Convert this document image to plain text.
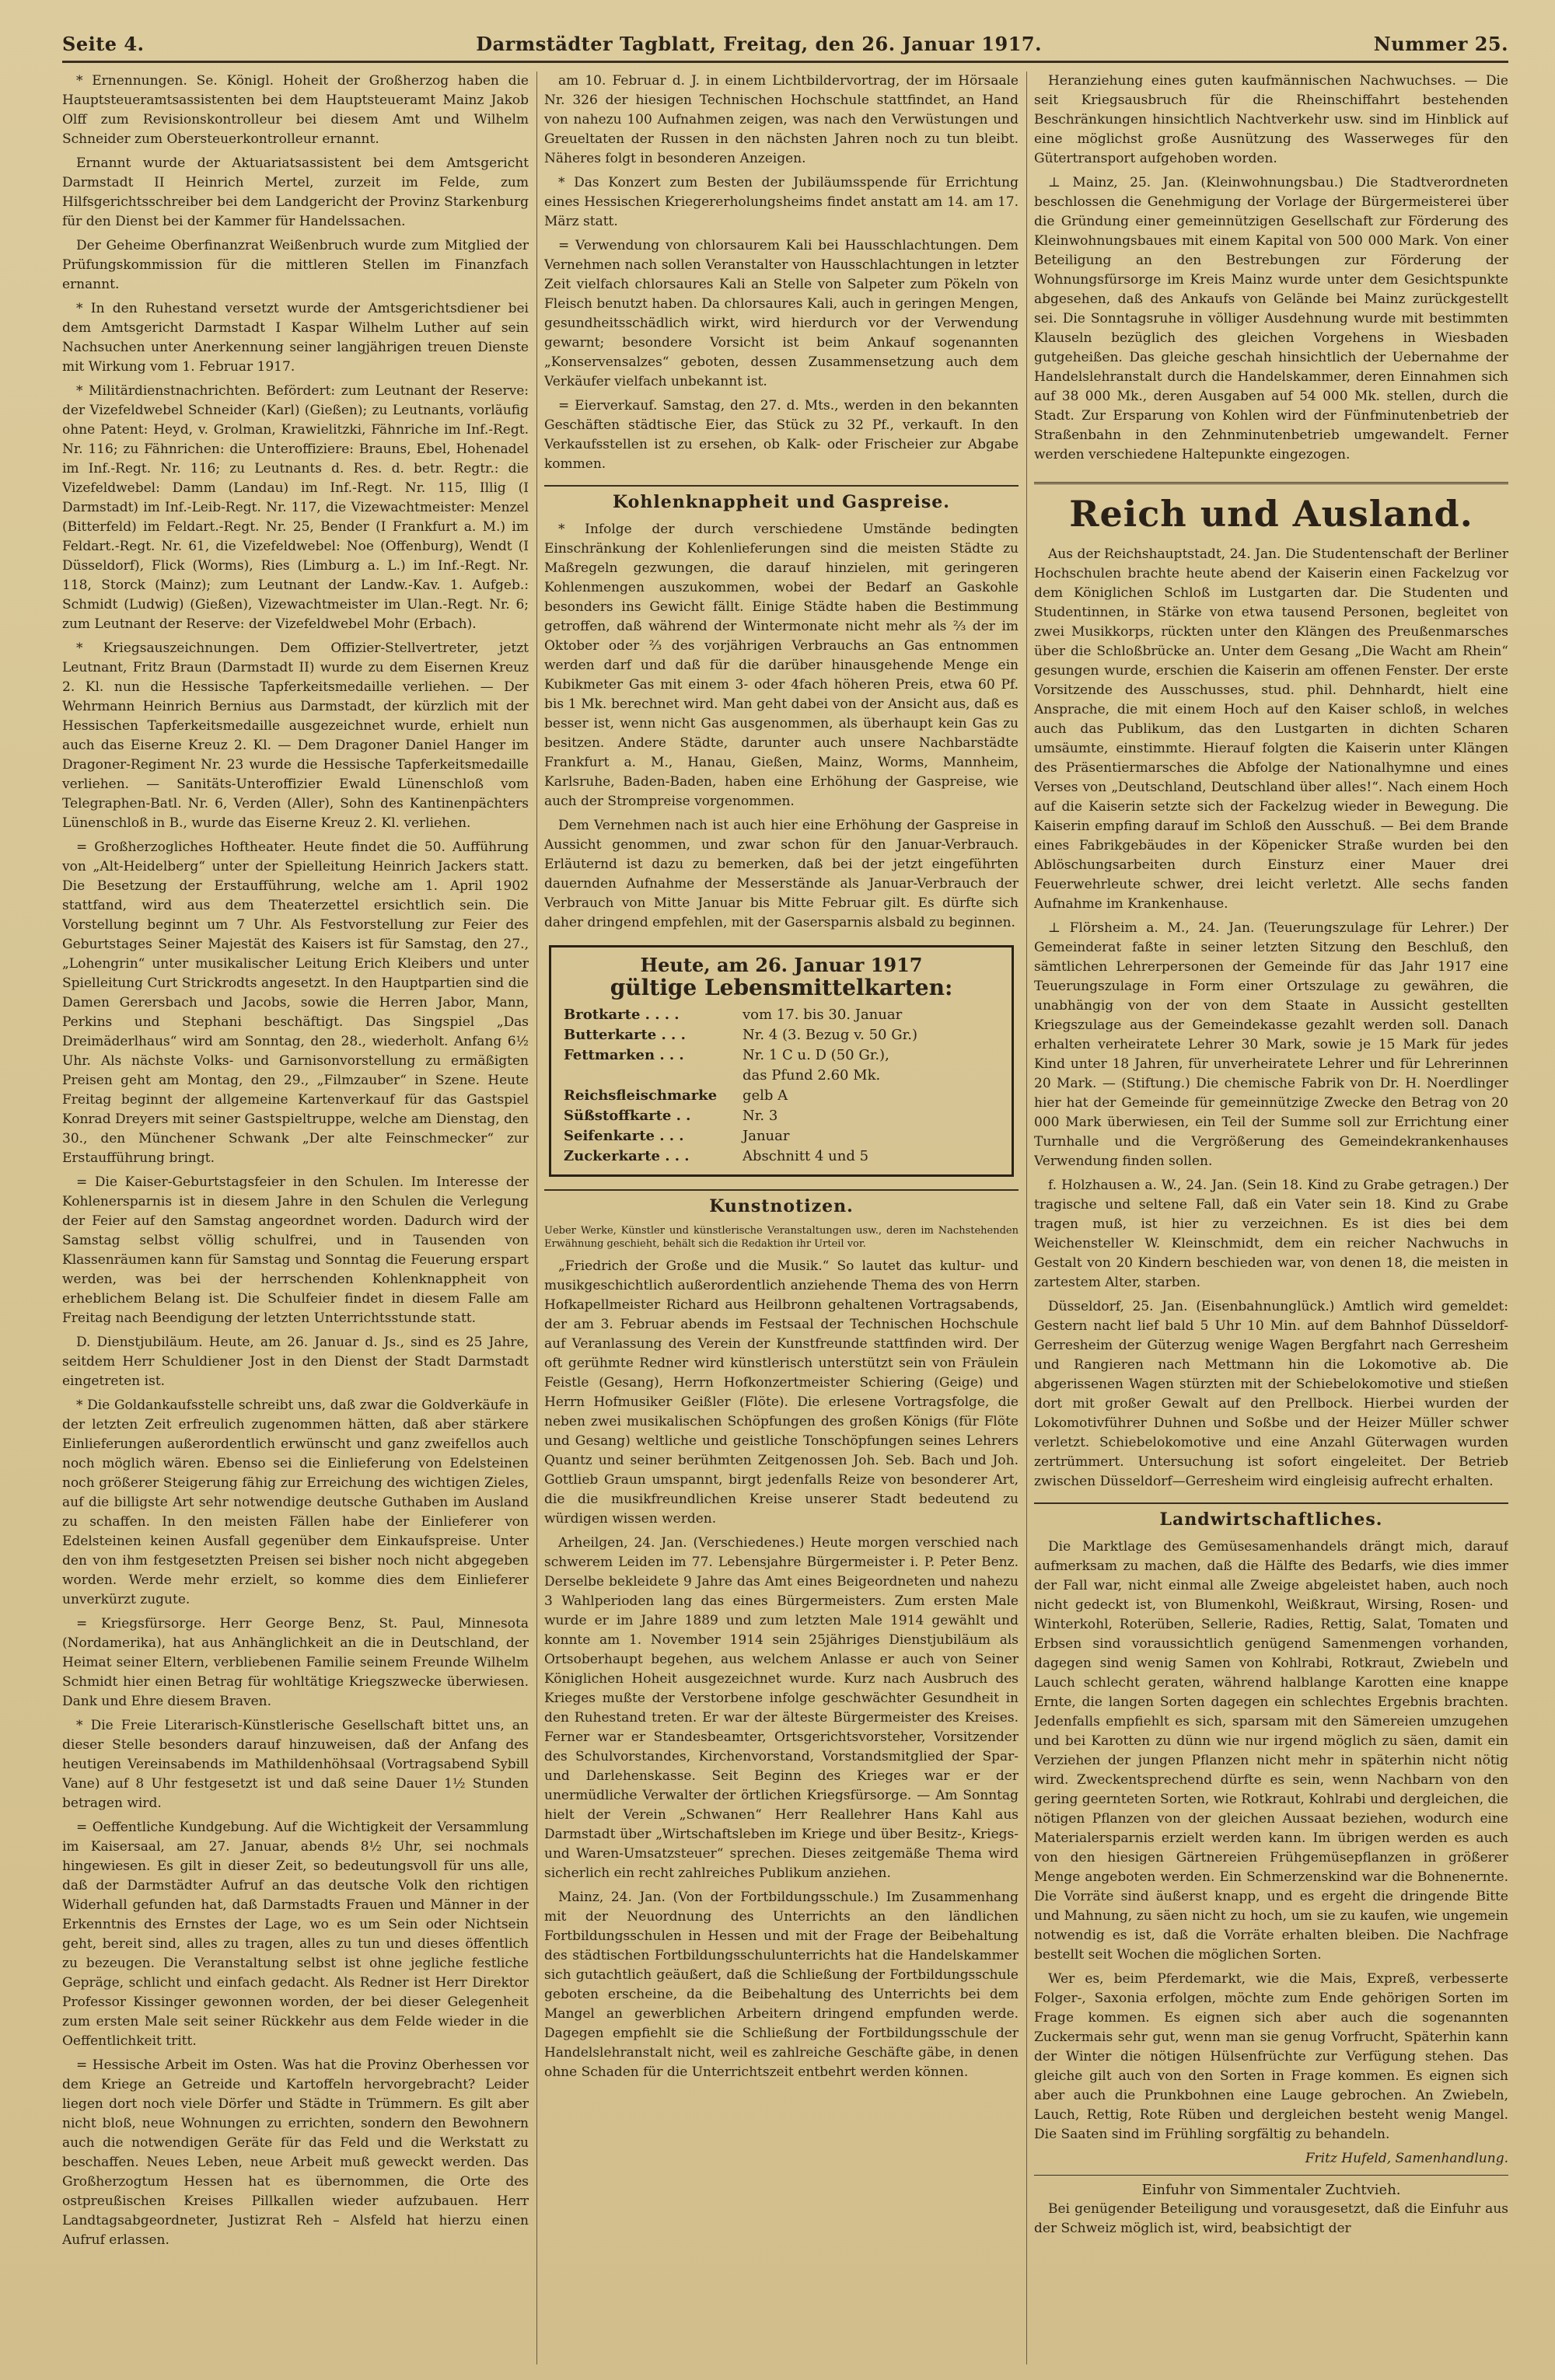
Seite 4.	Darmstädter Tagblatt, Freitag, den 26. Januar 1917.	Nummer 25.

* Ernennungen. Se. Königl. Hoheit der Großherzog haben die Hauptsteueramtsassistenten bei dem Hauptsteueramt Mainz Jakob Olff zum Revisionskontrolleur bei diesem Amt und Wilhelm Schneider zum Obersteuerkontrolleur ernannt.

Ernannt wurde der Aktuariatsassistent bei dem Amtsgericht Darmstadt II Heinrich Mertel, zurzeit im Felde, zum Hilfsgerichtsschreiber bei dem Landgericht der Provinz Starkenburg für den Dienst bei der Kammer für Handelssachen.

Der Geheime Oberfinanzrat Weißenbruch wurde zum Mitglied der Prüfungskommission für die mittleren Stellen im Finanzfach ernannt.

* In den Ruhestand versetzt wurde der Amtsgerichtsdiener bei dem Amtsgericht Darmstadt I Kaspar Wilhelm Luther auf sein Nachsuchen unter Anerkennung seiner langjährigen treuen Dienste mit Wirkung vom 1. Februar 1917.

* Militärdienstnachrichten. Befördert: zum Leutnant der Reserve: der Vizefeldwebel Schneider (Karl) (Gießen); zu Leutnants, vorläufig ohne Patent: Heyd, v. Grolman, Krawielitzki, Fähnriche im Inf.-Regt. Nr. 116; zu Fähnrichen: die Unteroffiziere: Brauns, Ebel, Hohenadel im Inf.-Regt. Nr. 116; zu Leutnants d. Res. d. betr. Regtr.: die Vizefeldwebel: Damm (Landau) im Inf.-Regt. Nr. 115, Illig (I Darmstadt) im Inf.-Leib-Regt. Nr. 117, die Vizewachtmeister: Menzel (Bitterfeld) im Feldart.-Regt. Nr. 25, Bender (I Frankfurt a. M.) im Feldart.-Regt. Nr. 61, die Vizefeldwebel: Noe (Offenburg), Wendt (I Düsseldorf), Flick (Worms), Ries (Limburg a. L.) im Inf.-Regt. Nr. 118, Storck (Mainz); zum Leutnant der Landw.-Kav. 1. Aufgeb.: Schmidt (Ludwig) (Gießen), Vizewachtmeister im Ulan.-Regt. Nr. 6; zum Leutnant der Reserve: der Vizefeldwebel Mohr (Erbach).

* Kriegsauszeichnungen. Dem Offizier-Stellvertreter, jetzt Leutnant, Fritz Braun (Darmstadt II) wurde zu dem Eisernen Kreuz 2. Kl. nun die Hessische Tapferkeitsmedaille verliehen. — Der Wehrmann Heinrich Bernius aus Darmstadt, der kürzlich mit der Hessischen Tapferkeitsmedaille ausgezeichnet wurde, erhielt nun auch das Eiserne Kreuz 2. Kl. — Dem Dragoner Daniel Hanger im Dragoner-Regiment Nr. 23 wurde die Hessische Tapferkeitsmedaille verliehen. — Sanitäts-Unteroffizier Ewald Lünenschloß vom Telegraphen-Batl. Nr. 6, Verden (Aller), Sohn des Kantinenpächters Lünenschloß in B., wurde das Eiserne Kreuz 2. Kl. verliehen.

= Großherzogliches Hoftheater. Heute findet die 50. Aufführung von „Alt-Heidelberg“ unter der Spielleitung Heinrich Jackers statt. Die Besetzung der Erstaufführung, welche am 1. April 1902 stattfand, wird aus dem Theaterzettel ersichtlich sein. Die Vorstellung beginnt um 7 Uhr. Als Festvorstellung zur Feier des Geburtstages Seiner Majestät des Kaisers ist für Samstag, den 27., „Lohengrin“ unter musikalischer Leitung Erich Kleibers und unter Spielleitung Curt Strickrodts angesetzt. In den Hauptpartien sind die Damen Gerersbach und Jacobs, sowie die Herren Jabor, Mann, Perkins und Stephani beschäftigt. Das Singspiel „Das Dreimäderlhaus“ wird am Sonntag, den 28., wiederholt. Anfang 6½ Uhr. Als nächste Volks- und Garnisonvorstellung zu ermäßigten Preisen geht am Montag, den 29., „Filmzauber“ in Szene. Heute Freitag beginnt der allgemeine Kartenverkauf für das Gastspiel Konrad Dreyers mit seiner Gastspieltruppe, welche am Dienstag, den 30., den Münchener Schwank „Der alte Feinschmecker“ zur Erstaufführung bringt.

= Die Kaiser-Geburtstagsfeier in den Schulen. Im Interesse der Kohlenersparnis ist in diesem Jahre in den Schulen die Verlegung der Feier auf den Samstag angeordnet worden. Dadurch wird der Samstag selbst völlig schulfrei, und in Tausenden von Klassenräumen kann für Samstag und Sonntag die Feuerung erspart werden, was bei der herrschenden Kohlenknappheit von erheblichem Belang ist. Die Schulfeier findet in diesem Falle am Freitag nach Beendigung der letzten Unterrichtsstunde statt.

D. Dienstjubiläum. Heute, am 26. Januar d. Js., sind es 25 Jahre, seitdem Herr Schuldiener Jost in den Dienst der Stadt Darmstadt eingetreten ist.

* Die Goldankaufsstelle schreibt uns, daß zwar die Goldverkäufe in der letzten Zeit erfreulich zugenommen hätten, daß aber stärkere Einlieferungen außerordentlich erwünscht und ganz zweifellos auch noch möglich wären. Ebenso sei die Einlieferung von Edelsteinen noch größerer Steigerung fähig zur Erreichung des wichtigen Zieles, auf die billigste Art sehr notwendige deutsche Guthaben im Ausland zu schaffen. In den meisten Fällen habe der Einlieferer von Edelsteinen keinen Ausfall gegenüber dem Einkaufspreise. Unter den von ihm festgesetzten Preisen sei bisher noch nicht abgegeben worden. Werde mehr erzielt, so komme dies dem Einlieferer unverkürzt zugute.

= Kriegsfürsorge. Herr George Benz, St. Paul, Minnesota (Nordamerika), hat aus Anhänglichkeit an die in Deutschland, der Heimat seiner Eltern, verbliebenen Familie seinem Freunde Wilhelm Schmidt hier einen Betrag für wohltätige Kriegszwecke überwiesen. Dank und Ehre diesem Braven.

* Die Freie Literarisch-Künstlerische Gesellschaft bittet uns, an dieser Stelle besonders darauf hinzuweisen, daß der Anfang des heutigen Vereinsabends im Mathildenhöhsaal (Vortragsabend Sybill Vane) auf 8 Uhr festgesetzt ist und daß seine Dauer 1½ Stunden betragen wird.

= Oeffentliche Kundgebung. Auf die Wichtigkeit der Versammlung im Kaisersaal, am 27. Januar, abends 8½ Uhr, sei nochmals hingewiesen. Es gilt in dieser Zeit, so bedeutungsvoll für uns alle, daß der Darmstädter Aufruf an das deutsche Volk den richtigen Widerhall gefunden hat, daß Darmstadts Frauen und Männer in der Erkenntnis des Ernstes der Lage, wo es um Sein oder Nichtsein geht, bereit sind, alles zu tragen, alles zu tun und dieses öffentlich zu bezeugen. Die Veranstaltung selbst ist ohne jegliche festliche Gepräge, schlicht und einfach gedacht. Als Redner ist Herr Direktor Professor Kissinger gewonnen worden, der bei dieser Gelegenheit zum ersten Male seit seiner Rückkehr aus dem Felde wieder in die Oeffentlichkeit tritt.

= Hessische Arbeit im Osten. Was hat die Provinz Oberhessen vor dem Kriege an Getreide und Kartoffeln hervorgebracht? Leider liegen dort noch viele Dörfer und Städte in Trümmern. Es gilt aber nicht bloß, neue Wohnungen zu errichten, sondern den Bewohnern auch die notwendigen Geräte für das Feld und die Werkstatt zu beschaffen. Neues Leben, neue Arbeit muß geweckt werden. Das Großherzogtum Hessen hat es übernommen, die Orte des ostpreußischen Kreises Pillkallen wieder aufzubauen. Herr Landtagsabgeordneter, Justizrat Reh – Alsfeld hat hierzu einen Aufruf erlassen.

am 10. Februar d. J. in einem Lichtbildervortrag, der im Hörsaale Nr. 326 der hiesigen Technischen Hochschule stattfindet, an Hand von nahezu 100 Aufnahmen zeigen, was nach den Verwüstungen und Greueltaten der Russen in den nächsten Jahren noch zu tun bleibt. Näheres folgt in besonderen Anzeigen.

* Das Konzert zum Besten der Jubiläumsspende für Errichtung eines Hessischen Kriegererholungsheims findet anstatt am 14. am 17. März statt.

= Verwendung von chlorsaurem Kali bei Hausschlachtungen. Dem Vernehmen nach sollen Veranstalter von Hausschlachtungen in letzter Zeit vielfach chlorsaures Kali an Stelle von Salpeter zum Pökeln von Fleisch benutzt haben. Da chlorsaures Kali, auch in geringen Mengen, gesundheitsschädlich wirkt, wird hierdurch vor der Verwendung gewarnt; besondere Vorsicht ist beim Ankauf sogenannten „Konservensalzes“ geboten, dessen Zusammensetzung auch dem Verkäufer vielfach unbekannt ist.

= Eierverkauf. Samstag, den 27. d. Mts., werden in den bekannten Geschäften städtische Eier, das Stück zu 32 Pf., verkauft. In den Verkaufsstellen ist zu ersehen, ob Kalk- oder Frischeier zur Abgabe kommen.

Kohlenknappheit und Gaspreise.

* Infolge der durch verschiedene Umstände bedingten Einschränkung der Kohlenlieferungen sind die meisten Städte zu Maßregeln gezwungen, die darauf hinzielen, mit geringeren Kohlenmengen auszukommen, wobei der Bedarf an Gaskohle besonders ins Gewicht fällt. Einige Städte haben die Bestimmung getroffen, daß während der Wintermonate nicht mehr als ⅔ der im Oktober oder ⅔ des vorjährigen Verbrauchs an Gas entnommen werden darf und daß für die darüber hinausgehende Menge ein Kubikmeter Gas mit einem 3- oder 4fach höheren Preis, etwa 60 Pf. bis 1 Mk. berechnet wird. Man geht dabei von der Ansicht aus, daß es besser ist, wenn nicht Gas ausgenommen, als überhaupt kein Gas zu besitzen. Andere Städte, darunter auch unsere Nachbarstädte Frankfurt a. M., Hanau, Gießen, Mainz, Worms, Mannheim, Karlsruhe, Baden-Baden, haben eine Erhöhung der Gaspreise, wie auch der Strompreise vorgenommen.

Dem Vernehmen nach ist auch hier eine Erhöhung der Gaspreise in Aussicht genommen, und zwar schon für den Januar-Verbrauch. Erläuternd ist dazu zu bemerken, daß bei der jetzt eingeführten dauernden Aufnahme der Messerstände als Januar-Verbrauch der Verbrauch von Mitte Januar bis Mitte Februar gilt. Es dürfte sich daher dringend empfehlen, mit der Gasersparnis alsbald zu beginnen.

Heute, am 26. Januar 1917
gültige Lebensmittelkarten:
Brotkarte . . . .	vom 17. bis 30. Januar
Butterkarte . . .	Nr. 4 (3. Bezug v. 50 Gr.)
Fettmarken . . .	Nr. 1 C u. D (50 Gr.),
das Pfund 2.60 Mk.
Reichsfleischmarke	gelb A
Süßstoffkarte . .	Nr. 3
Seifenkarte . . .	Januar
Zuckerkarte . . .	Abschnitt 4 und 5
Kunstnotizen.

Ueber Werke, Künstler und künstlerische Veranstaltungen usw., deren im Nachstehenden Erwähnung geschieht, behält sich die Redaktion ihr Urteil vor.

„Friedrich der Große und die Musik.“ So lautet das kultur- und musikgeschichtlich außerordentlich anziehende Thema des von Herrn Hofkapellmeister Richard aus Heilbronn gehaltenen Vortragsabends, der am 3. Februar abends im Festsaal der Technischen Hochschule auf Veranlassung des Verein der Kunstfreunde stattfinden wird. Der oft gerühmte Redner wird künstlerisch unterstützt sein von Fräulein Feistle (Gesang), Herrn Hofkonzertmeister Schiering (Geige) und Herrn Hofmusiker Geißler (Flöte). Die erlesene Vortragsfolge, die neben zwei musikalischen Schöpfungen des großen Königs (für Flöte und Gesang) weltliche und geistliche Tonschöpfungen seines Lehrers Quantz und seiner berühmten Zeitgenossen Joh. Seb. Bach und Joh. Gottlieb Graun umspannt, birgt jedenfalls Reize von besonderer Art, die die musikfreundlichen Kreise unserer Stadt bedeutend zu würdigen wissen werden.

Arheilgen, 24. Jan. (Verschiedenes.) Heute morgen verschied nach schwerem Leiden im 77. Lebensjahre Bürgermeister i. P. Peter Benz. Derselbe bekleidete 9 Jahre das Amt eines Beigeordneten und nahezu 3 Wahlperioden lang das eines Bürgermeisters. Zum ersten Male wurde er im Jahre 1889 und zum letzten Male 1914 gewählt und konnte am 1. November 1914 sein 25jähriges Dienstjubiläum als Ortsoberhaupt begehen, aus welchem Anlasse er auch von Seiner Königlichen Hoheit ausgezeichnet wurde. Kurz nach Ausbruch des Krieges mußte der Verstorbene infolge geschwächter Gesundheit in den Ruhestand treten. Er war der älteste Bürgermeister des Kreises. Ferner war er Standesbeamter, Ortsgerichtsvorsteher, Vorsitzender des Schulvorstandes, Kirchenvorstand, Vorstandsmitglied der Spar- und Darlehenskasse. Seit Beginn des Krieges war er der unermüdliche Verwalter der örtlichen Kriegsfürsorge. — Am Sonntag hielt der Verein „Schwanen“ Herr Reallehrer Hans Kahl aus Darmstadt über „Wirtschaftsleben im Kriege und über Besitz-, Kriegs- und Waren-Umsatzsteuer“ sprechen. Dieses zeitgemäße Thema wird sicherlich ein recht zahlreiches Publikum anziehen.

Mainz, 24. Jan. (Von der Fortbildungsschule.) Im Zusammenhang mit der Neuordnung des Unterrichts an den ländlichen Fortbildungsschulen in Hessen und mit der Frage der Beibehaltung des städtischen Fortbildungsschulunterrichts hat die Handelskammer sich gutachtlich geäußert, daß die Schließung der Fortbildungsschule geboten erscheine, da die Beibehaltung des Unterrichts bei dem Mangel an gewerblichen Arbeitern dringend empfunden werde. Dagegen empfiehlt sie die Schließung der Fortbildungsschule der Handelslehranstalt nicht, weil es zahlreiche Geschäfte gäbe, in denen ohne Schaden für die Unterrichtszeit entbehrt werden können.

Heranziehung eines guten kaufmännischen Nachwuchses. — Die seit Kriegsausbruch für die Rheinschiffahrt bestehenden Beschränkungen hinsichtlich Nachtverkehr usw. sind im Hinblick auf eine möglichst große Ausnützung des Wasserweges für den Gütertransport aufgehoben worden.

⊥ Mainz, 25. Jan. (Kleinwohnungsbau.) Die Stadtverordneten beschlossen die Genehmigung der Vorlage der Bürgermeisterei über die Gründung einer gemeinnützigen Gesellschaft zur Förderung des Kleinwohnungsbaues mit einem Kapital von 500 000 Mark. Von einer Beteiligung an den Bestrebungen zur Förderung der Wohnungsfürsorge im Kreis Mainz wurde unter dem Gesichtspunkte abgesehen, daß des Ankaufs von Gelände bei Mainz zurückgestellt sei. Die Sonntagsruhe in völliger Ausdehnung wurde mit bestimmten Klauseln bezüglich des gleichen Vorgehens in Wiesbaden gutgeheißen. Das gleiche geschah hinsichtlich der Uebernahme der Handelslehranstalt durch die Handelskammer, deren Einnahmen sich auf 38 000 Mk., deren Ausgaben auf 54 000 Mk. stellen, durch die Stadt. Zur Ersparung von Kohlen wird der Fünfminutenbetrieb der Straßenbahn in den Zehnminutenbetrieb umgewandelt. Ferner werden verschiedene Haltepunkte eingezogen.

Reich und Ausland.

Aus der Reichshauptstadt, 24. Jan. Die Studentenschaft der Berliner Hochschulen brachte heute abend der Kaiserin einen Fackelzug vor dem Königlichen Schloß im Lustgarten dar. Die Studenten und Studentinnen, in Stärke von etwa tausend Personen, begleitet von zwei Musikkorps, rückten unter den Klängen des Preußenmarsches über die Schloßbrücke an. Unter dem Gesang „Die Wacht am Rhein“ gesungen wurde, erschien die Kaiserin am offenen Fenster. Der erste Vorsitzende des Ausschusses, stud. phil. Dehnhardt, hielt eine Ansprache, die mit einem Hoch auf den Kaiser schloß, in welches auch das Publikum, das den Lustgarten in dichten Scharen umsäumte, einstimmte. Hierauf folgten die Kaiserin unter Klängen des Präsentiermarsches die Abfolge der Nationalhymne und eines Verses von „Deutschland, Deutschland über alles!“. Nach einem Hoch auf die Kaiserin setzte sich der Fackelzug wieder in Bewegung. Die Kaiserin empfing darauf im Schloß den Ausschuß. — Bei dem Brande eines Fabrikgebäudes in der Köpenicker Straße wurden bei den Ablöschungsarbeiten durch Einsturz einer Mauer drei Feuerwehrleute schwer, drei leicht verletzt. Alle sechs fanden Aufnahme im Krankenhause.

⊥ Flörsheim a. M., 24. Jan. (Teuerungszulage für Lehrer.) Der Gemeinderat faßte in seiner letzten Sitzung den Beschluß, den sämtlichen Lehrerpersonen der Gemeinde für das Jahr 1917 eine Teuerungszulage in Form einer Ortszulage zu gewähren, die unabhängig von der von dem Staate in Aussicht gestellten Kriegszulage aus der Gemeindekasse gezahlt werden soll. Danach erhalten verheiratete Lehrer 30 Mark, sowie je 15 Mark für jedes Kind unter 18 Jahren, für unverheiratete Lehrer und für Lehrerinnen 20 Mark. — (Stiftung.) Die chemische Fabrik von Dr. H. Noerdlinger hier hat der Gemeinde für gemeinnützige Zwecke den Betrag von 20 000 Mark überwiesen, ein Teil der Summe soll zur Errichtung einer Turnhalle und die Vergrößerung des Gemeindekrankenhauses Verwendung finden sollen.

f. Holzhausen a. W., 24. Jan. (Sein 18. Kind zu Grabe getragen.) Der tragische und seltene Fall, daß ein Vater sein 18. Kind zu Grabe tragen muß, ist hier zu verzeichnen. Es ist dies bei dem Weichensteller W. Kleinschmidt, dem ein reicher Nachwuchs in Gestalt von 20 Kindern beschieden war, von denen 18, die meisten in zartestem Alter, starben.

Düsseldorf, 25. Jan. (Eisenbahnunglück.) Amtlich wird gemeldet: Gestern nacht lief bald 5 Uhr 10 Min. auf dem Bahnhof Düsseldorf-Gerresheim der Güterzug wenige Wagen Bergfahrt nach Gerresheim und Rangieren nach Mettmann hin die Lokomotive ab. Die abgerissenen Wagen stürzten mit der Schiebelokomotive und stießen dort mit großer Gewalt auf den Prellbock. Hierbei wurden der Lokomotivführer Duhnen und Soßbe und der Heizer Müller schwer verletzt. Schiebelokomotive und eine Anzahl Güterwagen wurden zertrümmert. Untersuchung ist sofort eingeleitet. Der Betrieb zwischen Düsseldorf—Gerresheim wird eingleisig aufrecht erhalten.

Landwirtschaftliches.

Die Marktlage des Gemüsesamenhandels drängt mich, darauf aufmerksam zu machen, daß die Hälfte des Bedarfs, wie dies immer der Fall war, nicht einmal alle Zweige abgeleistet haben, auch noch nicht gedeckt ist, von Blumenkohl, Weißkraut, Wirsing, Rosen- und Winterkohl, Roterüben, Sellerie, Radies, Rettig, Salat, Tomaten und Erbsen sind voraussichtlich genügend Samenmengen vorhanden, dagegen sind wenig Samen von Kohlrabi, Rotkraut, Zwiebeln und Lauch schlecht geraten, während halblange Karotten eine knappe Ernte, die langen Sorten dagegen ein schlechtes Ergebnis brachten. Jedenfalls empfiehlt es sich, sparsam mit den Sämereien umzugehen und bei Karotten zu dünn wie nur irgend möglich zu säen, damit ein Verziehen der jungen Pflanzen nicht mehr in späterhin nicht nötig wird. Zweckentsprechend dürfte es sein, wenn Nachbarn von den gering geernteten Sorten, wie Rotkraut, Kohlrabi und dergleichen, die nötigen Pflanzen von der gleichen Aussaat beziehen, wodurch eine Materialersparnis erzielt werden kann. Im übrigen werden es auch von den hiesigen Gärtnereien Frühgemüsepflanzen in größerer Menge angeboten werden. Ein Schmerzenskind war die Bohnenernte. Die Vorräte sind äußerst knapp, und es ergeht die dringende Bitte und Mahnung, zu säen nicht zu hoch, um sie zu kaufen, wie ungemein notwendig es ist, daß die Vorräte erhalten bleiben. Die Nachfrage bestellt seit Wochen die möglichen Sorten.

Wer es, beim Pferdemarkt, wie die Mais, Expreß, verbesserte Folger-, Saxonia erfolgen, möchte zum Ende gehörigen Sorten im Frage kommen. Es eignen sich aber auch die sogenannten Zuckermais sehr gut, wenn man sie genug Vorfrucht, Späterhin kann der Winter die nötigen Hülsenfrüchte zur Verfügung stehen. Das gleiche gilt auch von den Sorten in Frage kommen. Es eignen sich aber auch die Prunkbohnen eine Lauge gebrochen. An Zwiebeln, Lauch, Rettig, Rote Rüben und dergleichen besteht wenig Mangel. Die Saaten sind im Frühling sorgfältig zu behandeln.

Fritz Hufeld, Samenhandlung.

Einfuhr von Simmentaler Zuchtvieh.

Bei genügender Beteiligung und vorausgesetzt, daß die Einfuhr aus der Schweiz möglich ist, wird, beabsichtigt der
